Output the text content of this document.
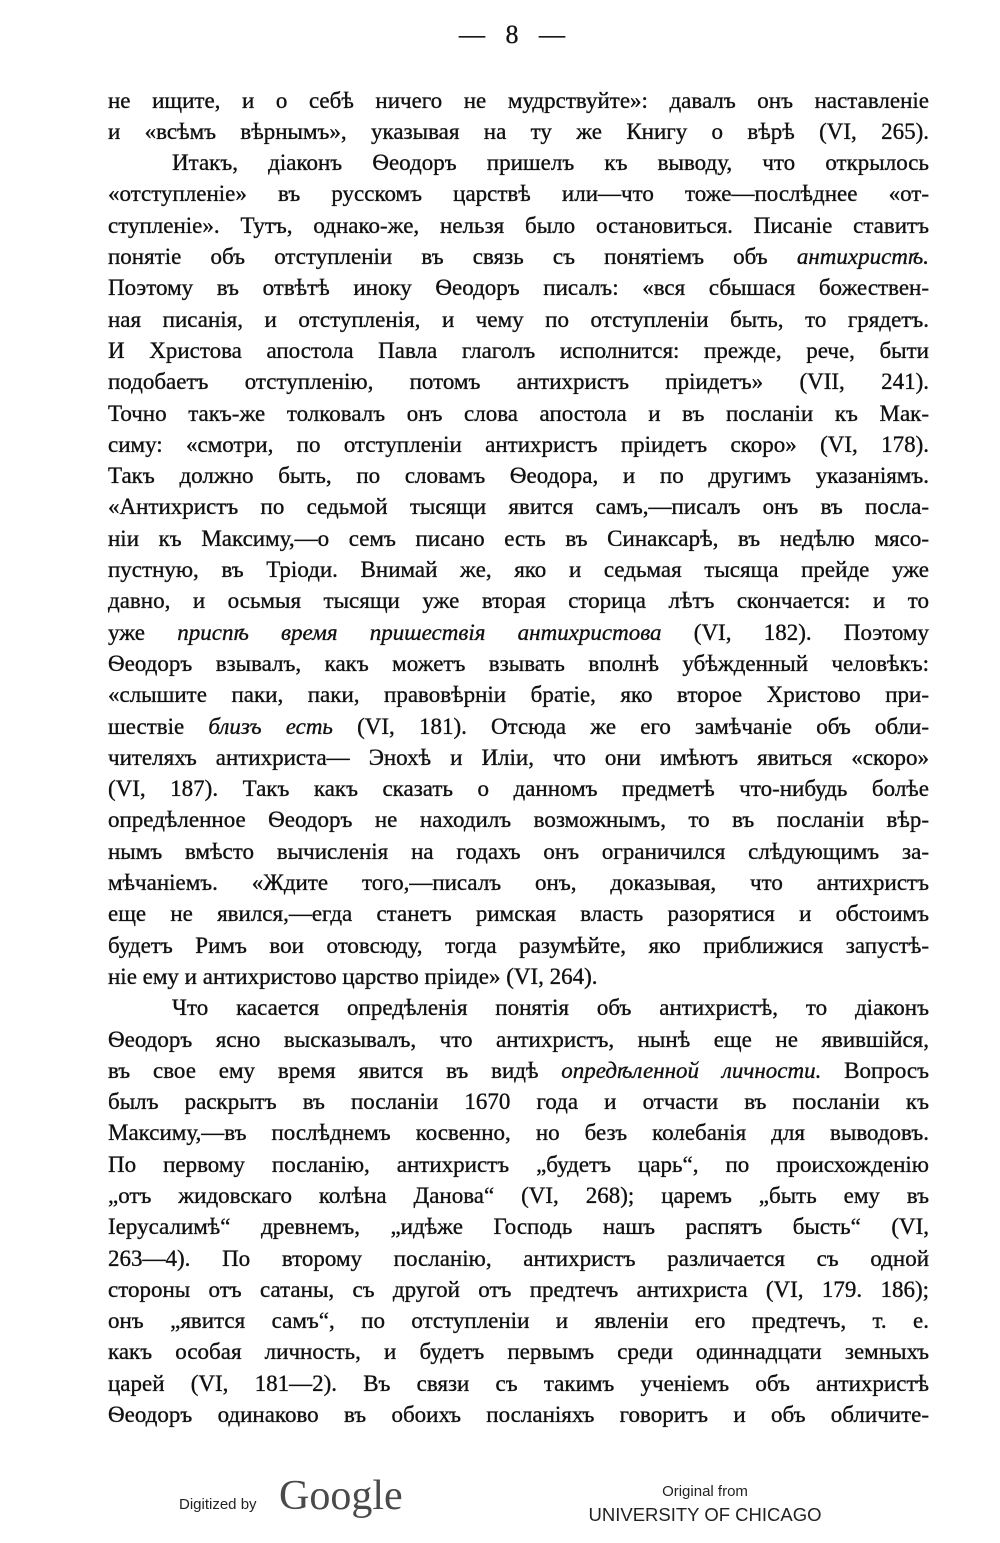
— 8 —
не ищите, и о себѣ ничего не мудрствуйте»: давалъ онъ наставленіе
и «всѣмъ вѣрнымъ», указывая на ту же Книгу о вѣрѣ (VI, 265).
Итакъ, діаконъ Ѳеодоръ пришелъ къ выводу, что открылось
«отступленіе» въ русскомъ царствѣ или—что тоже—послѣднее «от-
ступленіе». Тутъ, однако-же, нельзя было остановиться. Писаніе ставитъ
понятіе объ отступленіи въ связь съ понятіемъ объ антихристѣ.
Поэтому въ отвѣтѣ иноку Ѳеодоръ писалъ: «вся сбышася божествен-
ная писанія, и отступленія, и чему по отступленіи быть, то грядетъ.
И Христова апостола Павла глаголъ исполнится: прежде, рече, быти
подобаетъ отступленію, потомъ антихристъ пріидетъ» (VII, 241).
Точно такъ-же толковалъ онъ слова апостола и въ посланіи къ Мак-
симу: «смотри, по отступленіи антихристъ пріидетъ скоро» (VI, 178).
Такъ должно быть, по словамъ Ѳеодора, и по другимъ указаніямъ.
«Антихристъ по седьмой тысящи явится самъ,—писалъ онъ въ посла-
ніи къ Максиму,—о семъ писано есть въ Синаксарѣ, въ недѣлю мясо-
пустную, въ Тріоди. Внимай же, яко и седьмая тысяща прейде уже
давно, и осьмыя тысящи уже вторая сторица лѣтъ скончается: и то
уже приспѣ время пришествія антихристова (VI, 182). Поэтому
Ѳеодоръ взывалъ, какъ можетъ взывать вполнѣ убѣжденный человѣкъ:
«слышите паки, паки, правовѣрніи братіе, яко второе Христово при-
шествіе близъ есть (VI, 181). Отсюда же его замѣчаніе объ обли-
чителяхъ антихриста— Энохѣ и Иліи, что они имѣютъ явиться «скоро»
(VI, 187). Такъ какъ сказать о данномъ предметѣ что-нибудь болѣе
опредѣленное Ѳеодоръ не находилъ возможнымъ, то въ посланіи вѣр-
нымъ вмѣсто вычисленія на годахъ онъ ограничился слѣдующимъ за-
мѣчаніемъ. «Ждите того,—писалъ онъ, доказывая, что антихристъ
еще не явился,—егда станетъ римская власть разорятися и обстоимъ
будетъ Римъ вои отовсюду, тогда разумѣйте, яко приближися запустѣ-
ніе ему и антихристово царство пріиде» (VI, 264).
Что касается опредѣленія понятія объ антихристѣ, то діаконъ
Ѳеодоръ ясно высказывалъ, что антихристъ, нынѣ еще не явившійся,
въ свое ему время явится въ видѣ опредѣленной личности. Вопросъ
былъ раскрытъ въ посланіи 1670 года и отчасти въ посланіи къ
Максиму,—въ послѣднемъ косвенно, но безъ колебанія для выводовъ.
По первому посланію, антихристъ „будетъ царь“, по происхожденію
„отъ жидовскаго колѣна Данова“ (VI, 268); царемъ „быть ему въ
Іерусалимѣ“ древнемъ, „идѣже Господь нашъ распятъ бысть“ (VI,
263—4). По второму посланію, антихристъ различается съ одной
стороны отъ сатаны, съ другой отъ предтечъ антихриста (VI, 179. 186);
онъ „явится самъ“, по отступленіи и явленіи его предтечъ, т. е.
какъ особая личность, и будетъ первымъ среди одиннадцати земныхъ
царей (VI, 181—2). Въ связи съ такимъ ученіемъ объ антихристѣ
Ѳеодоръ одинаково въ обоихъ посланіяхъ говоритъ и объ обличите-
Digitized by Google	Original from
UNIVERSITY OF CHICAGO
